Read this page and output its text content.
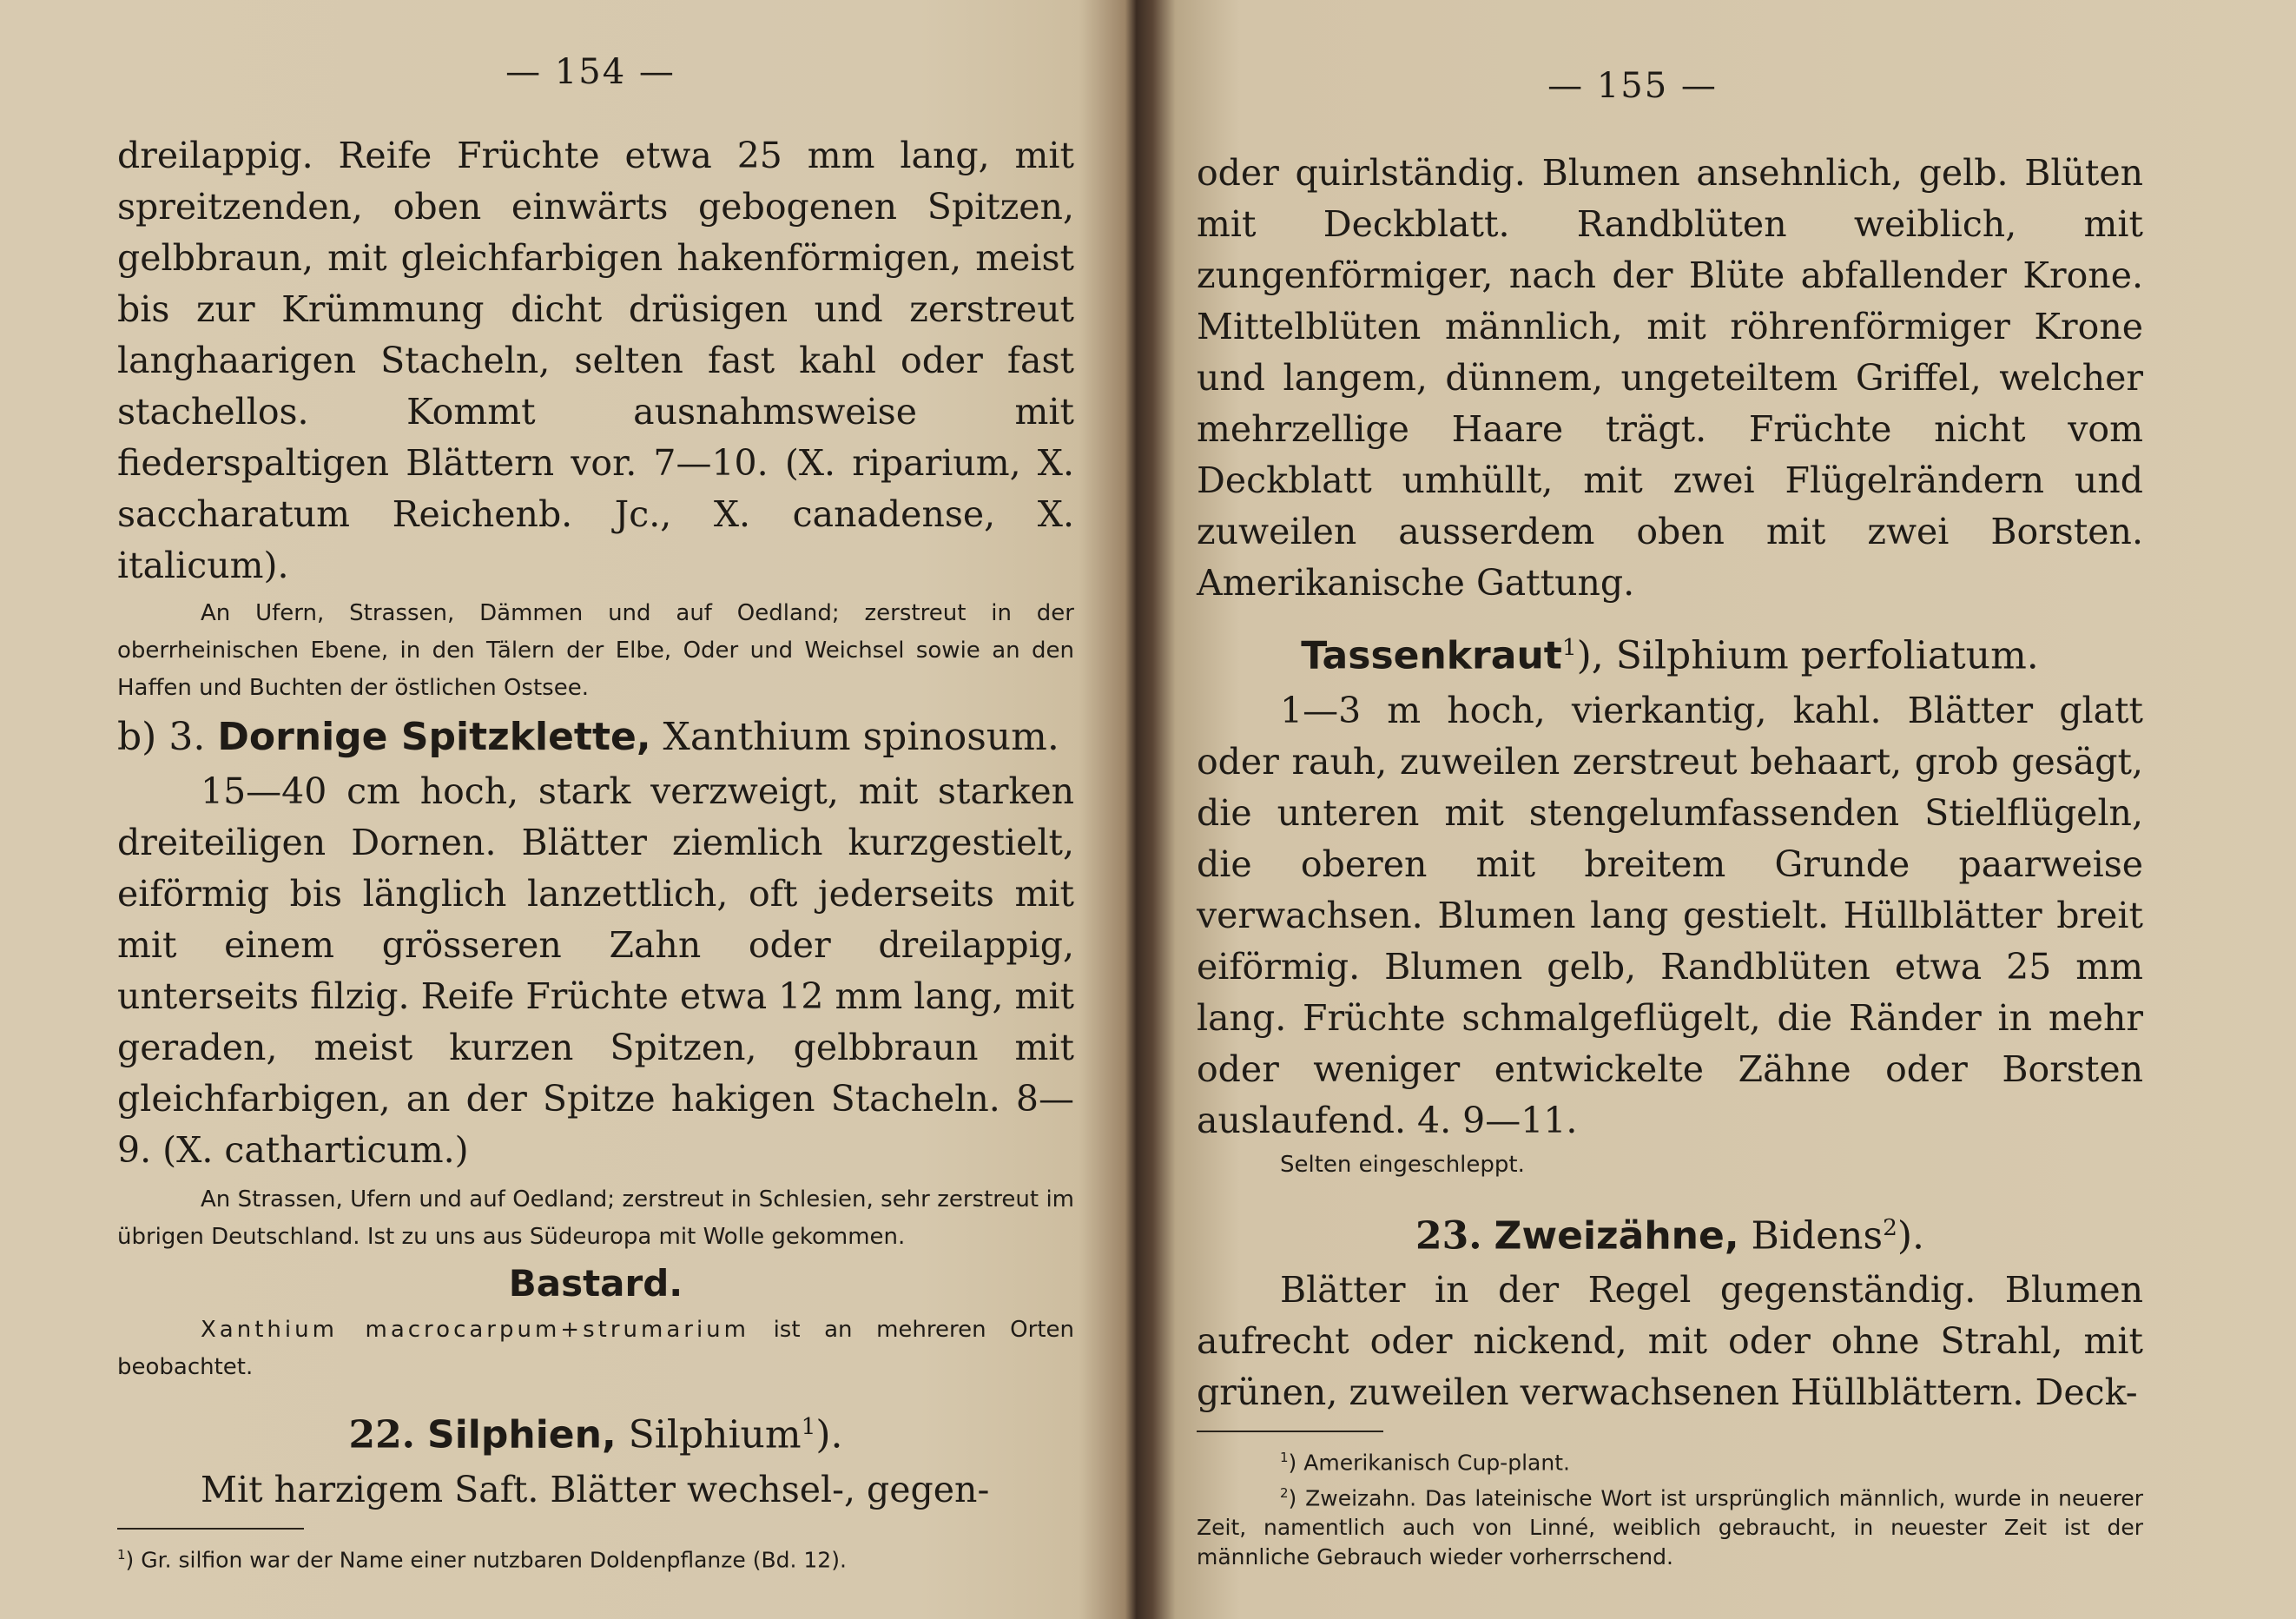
— 154 —

dreilappig. Reife Früchte etwa 25 mm lang, mit spreitzenden, oben einwärts gebogenen Spitzen, gelbbraun, mit gleichfarbigen hakenförmigen, meist bis zur Krümmung dicht drüsigen und zerstreut langhaarigen Stacheln, selten fast kahl oder fast stachellos. Kommt ausnahmsweise mit fiederspaltigen Blättern vor. 7—10. (X. riparium, X. saccharatum Reichenb. Jc., X. canadense, X. italicum).

An Ufern, Strassen, Dämmen und auf Oedland; zerstreut in der oberrheinischen Ebene, in den Tälern der Elbe, Oder und Weichsel sowie an den Haffen und Buchten der östlichen Ostsee.

b) 3. Dornige Spitzklette, Xanthium spinosum.

15—40 cm hoch, stark verzweigt, mit starken dreiteiligen Dornen. Blätter ziemlich kurzgestielt, eiförmig bis länglich lanzettlich, oft jederseits mit mit einem grösseren Zahn oder dreilappig, unterseits filzig. Reife Früchte etwa 12 mm lang, mit geraden, meist kurzen Spitzen, gelbbraun mit gleichfarbigen, an der Spitze hakigen Stacheln. 8—9. (X. catharticum.)

An Strassen, Ufern und auf Oedland; zerstreut in Schlesien, sehr zerstreut im übrigen Deutschland. Ist zu uns aus Südeuropa mit Wolle gekommen.

Bastard.

Xanthium macrocarpum+strumarium ist an mehreren Orten beobachtet.

22. Silphien, Silphium$^1$).

Mit harzigem Saft. Blätter wechsel-, gegen-

$^1$) Gr. silfion war der Name einer nutzbaren Doldenpflanze (Bd. 12).

— 155 —

oder quirlständig. Blumen ansehnlich, gelb. Blüten mit Deckblatt. Randblüten weiblich, mit zungenförmiger, nach der Blüte abfallender Krone. Mittelblüten männlich, mit röhrenförmiger Krone und langem, dünnem, ungeteiltem Griffel, welcher mehrzellige Haare trägt. Früchte nicht vom Deckblatt umhüllt, mit zwei Flügelrändern und zuweilen ausserdem oben mit zwei Borsten. Amerikanische Gattung.

Tassenkraut$^1$), Silphium perfoliatum.

1—3 m hoch, vierkantig, kahl. Blätter glatt oder rauh, zuweilen zerstreut behaart, grob gesägt, die unteren mit stengelumfassenden Stielflügeln, die oberen mit breitem Grunde paarweise verwachsen. Blumen lang gestielt. Hüllblätter breit eiförmig. Blumen gelb, Randblüten etwa 25 mm lang. Früchte schmalgeflügelt, die Ränder in mehr oder weniger entwickelte Zähne oder Borsten auslaufend. 4. 9—11.

Selten eingeschleppt.

23. Zweizähne, Bidens$^2$).

Blätter in der Regel gegenständig. Blumen aufrecht oder nickend, mit oder ohne Strahl, mit grünen, zuweilen verwachsenen Hüllblättern. Deck-

$^1$) Amerikanisch Cup-plant.

$^2$) Zweizahn. Das lateinische Wort ist ursprünglich männlich, wurde in neuerer Zeit, namentlich auch von Linné, weiblich gebraucht, in neuester Zeit ist der männliche Gebrauch wieder vorherrschend.
